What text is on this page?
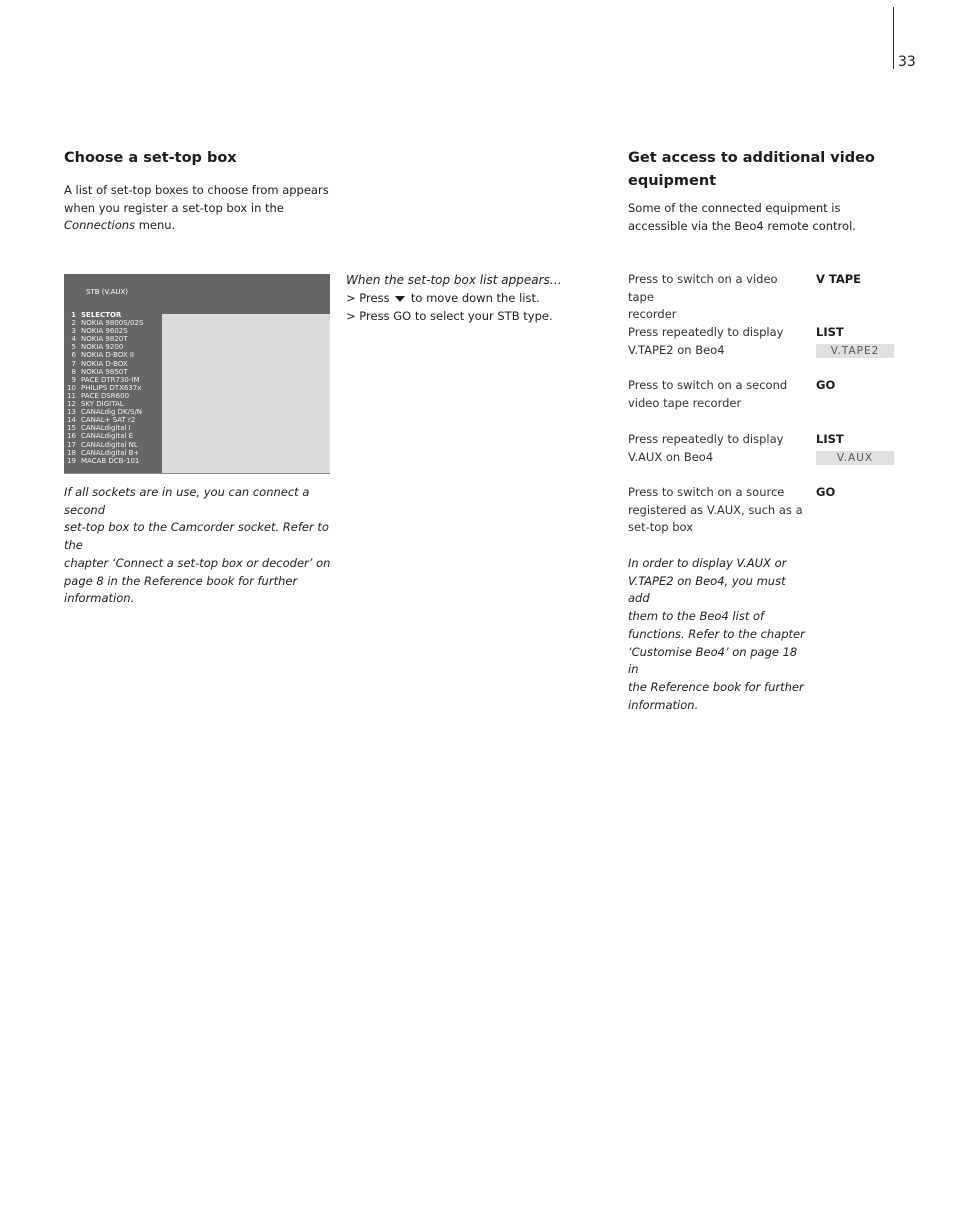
33
Choose a set-top box
A list of set-top boxes to choose from appears
when you register a set-top box in the
Connections menu.
STB (V.AUX)
1 SELECTOR
2 NOKIA 9800S/02S
3 NOKIA 9602S
4 NOKIA 9820T
5 NOKIA 9200
6 NOKIA D-BOX II
7 NOKIA D-BOX
8 NOKIA 9850T
9 PACE DTR730-IM
10 PHILIPS DTX637x
11 PACE DSR600
12 SKY DIGITAL
13 CANALdig DK/S/N
14 CANAL+ SAT r2
15 CANALdigital I
16 CANALdigital E
17 CANALdigital NL
18 CANALdigital B+
19 MACAB DCB-101
If all sockets are in use, you can connect a second
set-top box to the Camcorder socket. Refer to the
chapter ‘Connect a set-top box or decoder’ on
page 8 in the Reference book for further
information.
When the set-top box list appears…
> Press to move down the list.
> Press GO to select your STB type.
Get access to additional video
equipment
Some of the connected equipment is
accessible via the Beo4 remote control.
Press to switch on a video tape
recorder
V TAPE
Press repeatedly to display
V.TAPE2 on Beo4
LIST
V.TAPE2
Press to switch on a second
video tape recorder
GO
Press repeatedly to display
V.AUX on Beo4
LIST
V.AUX
Press to switch on a source
registered as V.AUX, such as a
set-top box
GO
In order to display V.AUX or
V.TAPE2 on Beo4, you must add
them to the Beo4 list of
functions. Refer to the chapter
‘Customise Beo4’ on page 18 in
the Reference book for further
information.
